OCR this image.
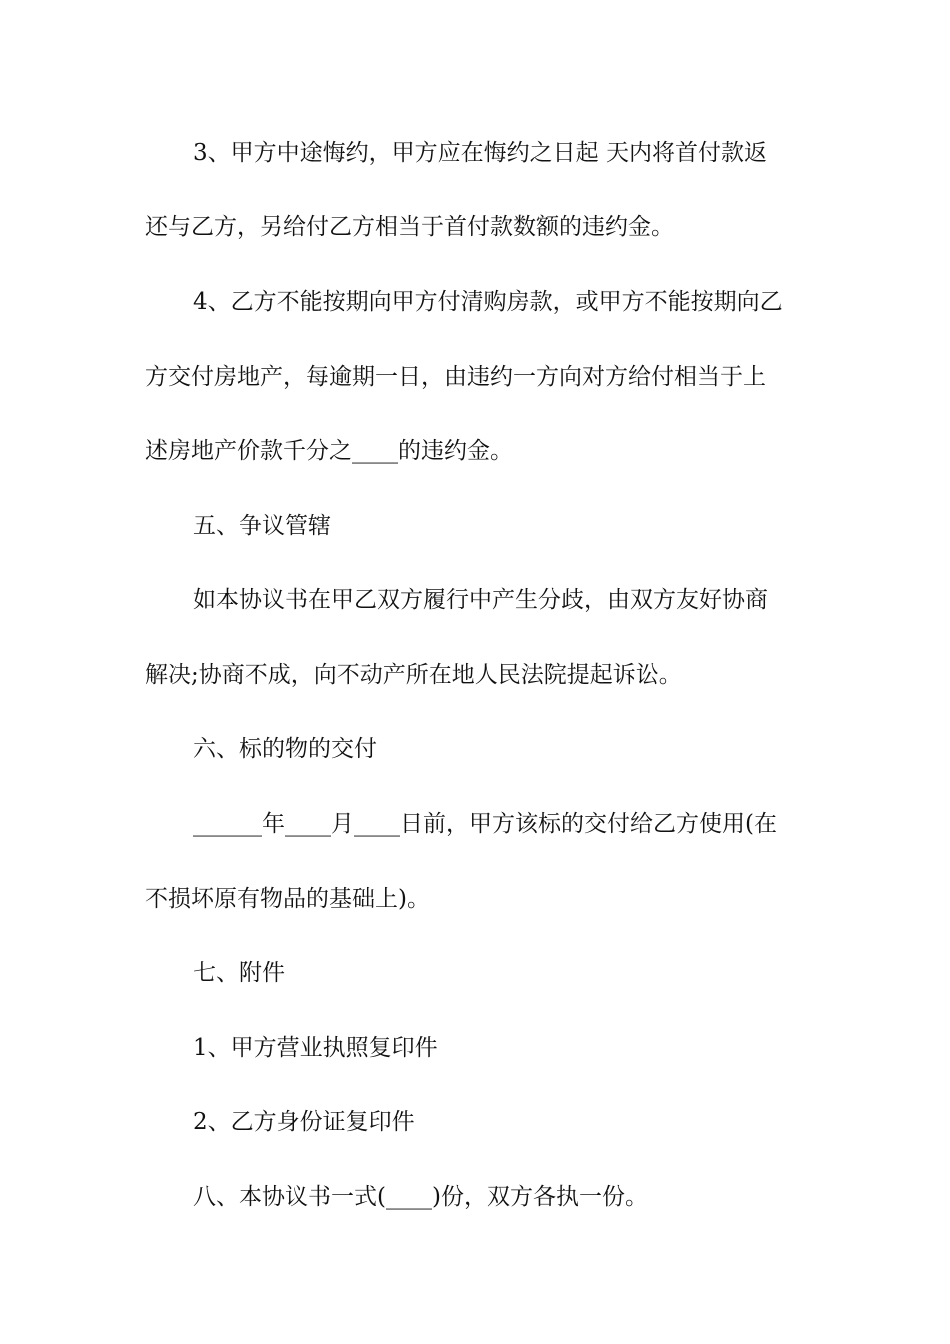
3、甲方中途悔约，甲方应在悔约之日起 天内将首付款返
还与乙方，另给付乙方相当于首付款数额的违约金。
4、乙方不能按期向甲方付清购房款，或甲方不能按期向乙
方交付房地产，每逾期一日，由违约一方向对方给付相当于上
述房地产价款千分之____的违约金。
五、争议管辖
如本协议书在甲乙双方履行中产生分歧，由双方友好协商
解决;协商不成，向不动产所在地人民法院提起诉讼。
六、标的物的交付
______年____月____日前，甲方该标的交付给乙方使用(在
不损坏原有物品的基础上)。
七、附件
1、甲方营业执照复印件
2、乙方身份证复印件
八、本协议书一式(____)份，双方各执一份。
